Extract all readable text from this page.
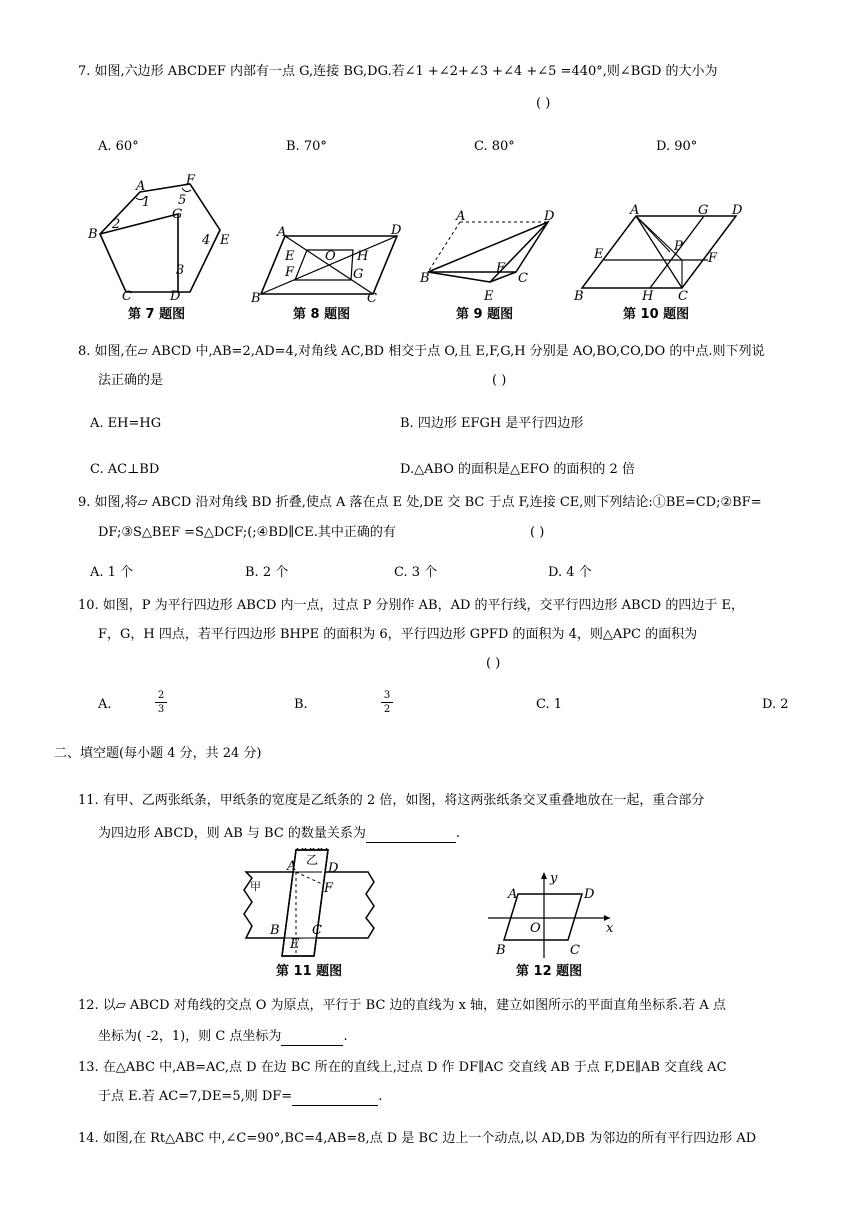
7. 如图,六边形 ABCDEF 内部有一点 G,连接 BG,DG.若∠1 +∠2+∠3 +∠4 +∠5 =440°,则∠BGD 的大小为
( )
A. 60°	B. 70°	C. 80°	D. 90°
A	F
1 5
B
2
G
4 E
3
C	D
A	D
E	H
O
F	G
B	C
A	D
F
B	C
E
A	G D
E
P
F
B	H C
第 7 题图	第 8 题图	第 9 题图	第 10 题图
8. 如图,在▱ ABCD 中,AB=2,AD=4,对角线 AC,BD 相交于点 O,且 E,F,G,H 分别是 AO,BO,CO,DO 的中点.则下列说
法正确的是	( )
A. EH=HG	B. 四边形 EFGH 是平行四边形
C. AC⊥BD	D.△ABO 的面积是△EFO 的面积的 2 倍
9. 如图,将▱ ABCD 沿对角线 BD 折叠,使点 A 落在点 E 处,DE 交 BC 于点 F,连接 CE,则下列结论:①BE=CD;②BF=
DF;③S△BEF =S△DCF;(;④BD∥CE.其中正确的有	( )
A. 1 个	B. 2 个	C. 3 个	D. 4 个
10. 如图，P 为平行四边形 ABCD 内一点，过点 P 分别作 AB，AD 的平行线，交平行四边形 ABCD 的四边于 E，
F，G，H 四点，若平行四边形 BHPE 的面积为 6，平行四边形 GPFD 的面积为 4，则△APC 的面积为
( )
A.
2
3	B.
3
2	C. 1	D. 2
二、填空题(每小题 4 分，共 24 分)
11. 有甲、乙两张纸条，甲纸条的宽度是乙纸条的 2 倍，如图，将这两张纸条交叉重叠地放在一起，重合部分
为四边形 ABCD，则 AB 与 BC 的数量关系为	.
A D
F
B C
E
甲
乙
y
x
A	D
O
B	C
第 11 题图	第 12 题图
12. 以▱ ABCD 对角线的交点 O 为原点，平行于 BC 边的直线为 x 轴，建立如图所示的平面直角坐标系.若 A 点
坐标为( -2，1)，则 C 点坐标为	.
13. 在△ABC 中,AB=AC,点 D 在边 BC 所在的直线上,过点 D 作 DF∥AC 交直线 AB 于点 F,DE∥AB 交直线 AC
于点 E.若 AC=7,DE=5,则 DF=	.
14. 如图,在 Rt△ABC 中,∠C=90°,BC=4,AB=8,点 D 是 BC 边上一个动点,以 AD,DB 为邻边的所有平行四边形 AD
